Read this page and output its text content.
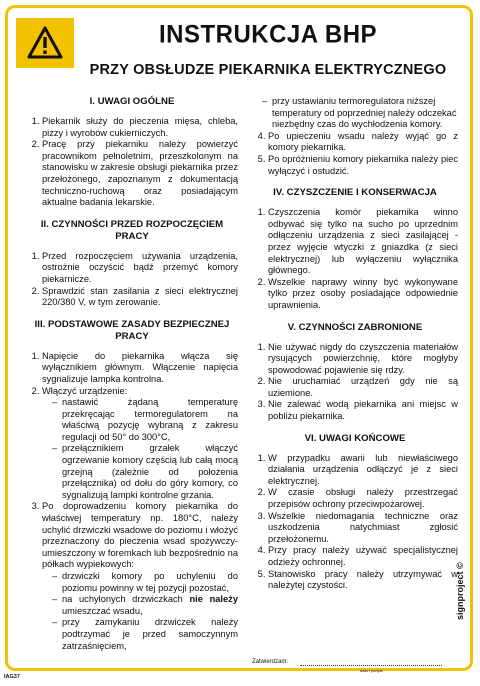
INSTRUKCJA BHP
PRZY OBSŁUDZE PIEKARNIKA ELEKTRYCZNEGO
I. UWAGI OGÓLNE
1. Piekarnik służy do pieczenia mięsa, chleba, pizzy i wyrobów cukierniczych.
2. Pracę przy piekarniku należy powierzyć pracownikom pełnoletnim, przeszkolonym na stanowisku w zakresie obsługi piekarnika przez przełożonego, zapoznanym z dokumentacją techniczno-ruchową oraz posiadającym aktualne badania lekarskie.
II. CZYNNOŚCI PRZED ROZPOCZĘCIEM PRACY
1. Przed rozpoczęciem używania urządzenia, ostrożnie oczyścić bądź przemyć komory piekarnicze.
2. Sprawdzić stan zasilania z sieci elektrycznej 220/380 V, w tym zerowanie.
III. PODSTAWOWE ZASADY BEZPIECZNEJ PRACY
1. Napięcie do piekarnika włącza się wyłącznikiem głównym. Włączenie napięcia sygnalizuje lampka kontrolna.
2. Włączyć urządzenie:
– nastawić żądaną temperaturę przekręcając termoregulatorem na właściwą pozycję wybraną z zakresu regulacji od 50° do 300°C,
– przełącznikiem grzałek włączyć ogrzewanie komory częścią lub całą mocą grzejną (zależnie od położenia przełącznika) od dołu do góry komory, co sygnalizują lampki kontrolne grzania.
3. Po doprowadzeniu komory piekarnika do właściwej temperatury np. 180°C, należy uchylić drzwiczki wsadowe do poziomu i włożyć przeznaczony do pieczenia wsad spożywczy-umieszczony w foremkach lub bezpośrednio na półkach wypiekowych:
– drzwiczki komory po uchyleniu do poziomu powinny w tej pozycji pozostać,
– na uchylonych drzwiczkach nie należy umieszczać wsadu,
– przy zamykaniu drzwiczek należy podtrzymać je przed samoczynnym zatrzaśnięciem,
– przy ustawianiu termoregulatora niższej temperatury od poprzedniej należy odczekać niezbędny czas do wychłodzenia komory.
4. Po upieczeniu wsadu należy wyjąć go z komory piekarnika.
5. Po opróżnieniu komory piekarnika należy piec wyłączyć i ostudzić.
IV. CZYSZCZENIE I KONSERWACJA
1. Czyszczenia komór piekarnika winno odbywać się tylko na sucho po uprzednim odłączeniu urządzenia z sieci zasilającej - przez wyjęcie wtyczki z gniazdka (z sieci elektrycznej) lub wyłączeniu wyłącznika głównego.
2. Wszelkie naprawy winny być wykonywane tylko przez osoby posiadające odpowiednie uprawnienia.
V. CZYNNOŚCI ZABRONIONE
1. Nie używać nigdy do czyszczenia materiałów rysujących powierzchnię, które mogłyby spowodować pojawienie się rdzy.
2. Nie uruchamiać urządzeń gdy nie są uziemione.
3. Nie zalewać wodą piekarnika ani miejsc w pobliżu piekarnika.
VI. UWAGI KOŃCOWE
1. W przypadku awarii lub niewłaściwego działania urządzenia odłączyć je z sieci elektrycznej.
2. W czasie obsługi należy przestrzegać przepisów ochrony przeciwpożarowej.
3. Wszelkie niedomagania techniczne oraz uszkodzenia natychmiast zgłosić przełożonemu.
4. Przy pracy należy używać specjalistycznej odzieży ochronnej.
5. Stanowisko pracy należy utrzymywać w należytej czystości.
Zatwierdzam:
data i podpis
IAG37
